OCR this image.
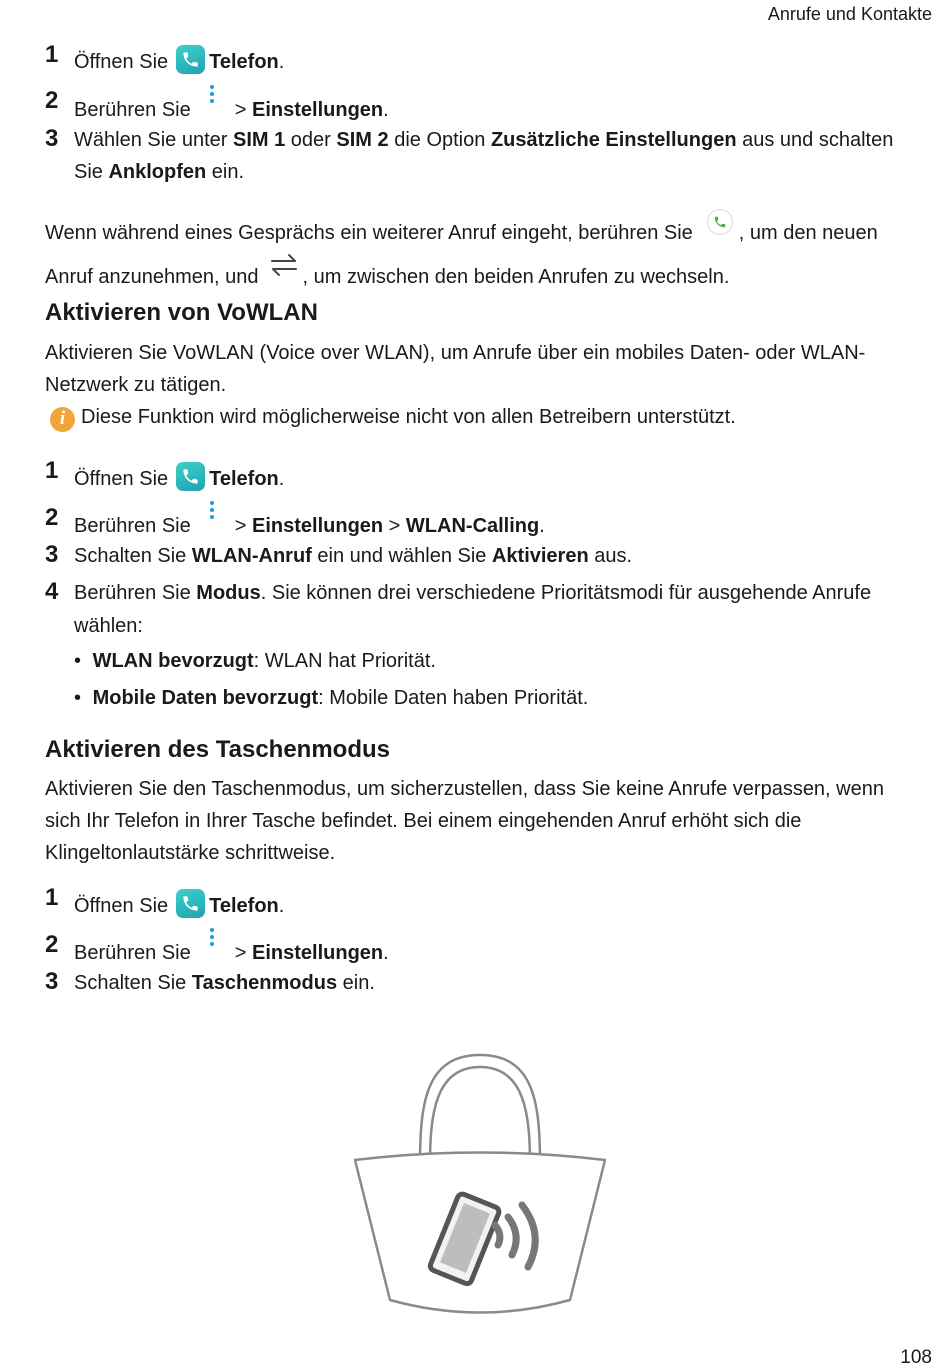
Anrufe und Kontakte
1 Öffnen Sie Telefon.
2 Berühren Sie > Einstellungen.
3 Wählen Sie unter SIM 1 oder SIM 2 die Option Zusätzliche Einstellungen aus und schalten
Sie Anklopfen ein.
Wenn während eines Gesprächs ein weiterer Anruf eingeht, berühren Sie , um den neuen
Anruf anzunehmen, und , um zwischen den beiden Anrufen zu wechseln.
Aktivieren von VoWLAN
Aktivieren Sie VoWLAN (Voice over WLAN), um Anrufe über ein mobiles Daten- oder WLAN-
Netzwerk zu tätigen.
i Diese Funktion wird möglicherweise nicht von allen Betreibern unterstützt.
1 Öffnen Sie Telefon.
2 Berühren Sie > Einstellungen > WLAN-Calling.
3 Schalten Sie WLAN-Anruf ein und wählen Sie Aktivieren aus.
4 Berühren Sie Modus. Sie können drei verschiedene Prioritätsmodi für ausgehende Anrufe
wählen:
• WLAN bevorzugt: WLAN hat Priorität.
• Mobile Daten bevorzugt: Mobile Daten haben Priorität.
Aktivieren des Taschenmodus
Aktivieren Sie den Taschenmodus, um sicherzustellen, dass Sie keine Anrufe verpassen, wenn
sich Ihr Telefon in Ihrer Tasche befindet. Bei einem eingehenden Anruf erhöht sich die
Klingeltonlautstärke schrittweise.
1 Öffnen Sie Telefon.
2 Berühren Sie > Einstellungen.
3 Schalten Sie Taschenmodus ein.
108
